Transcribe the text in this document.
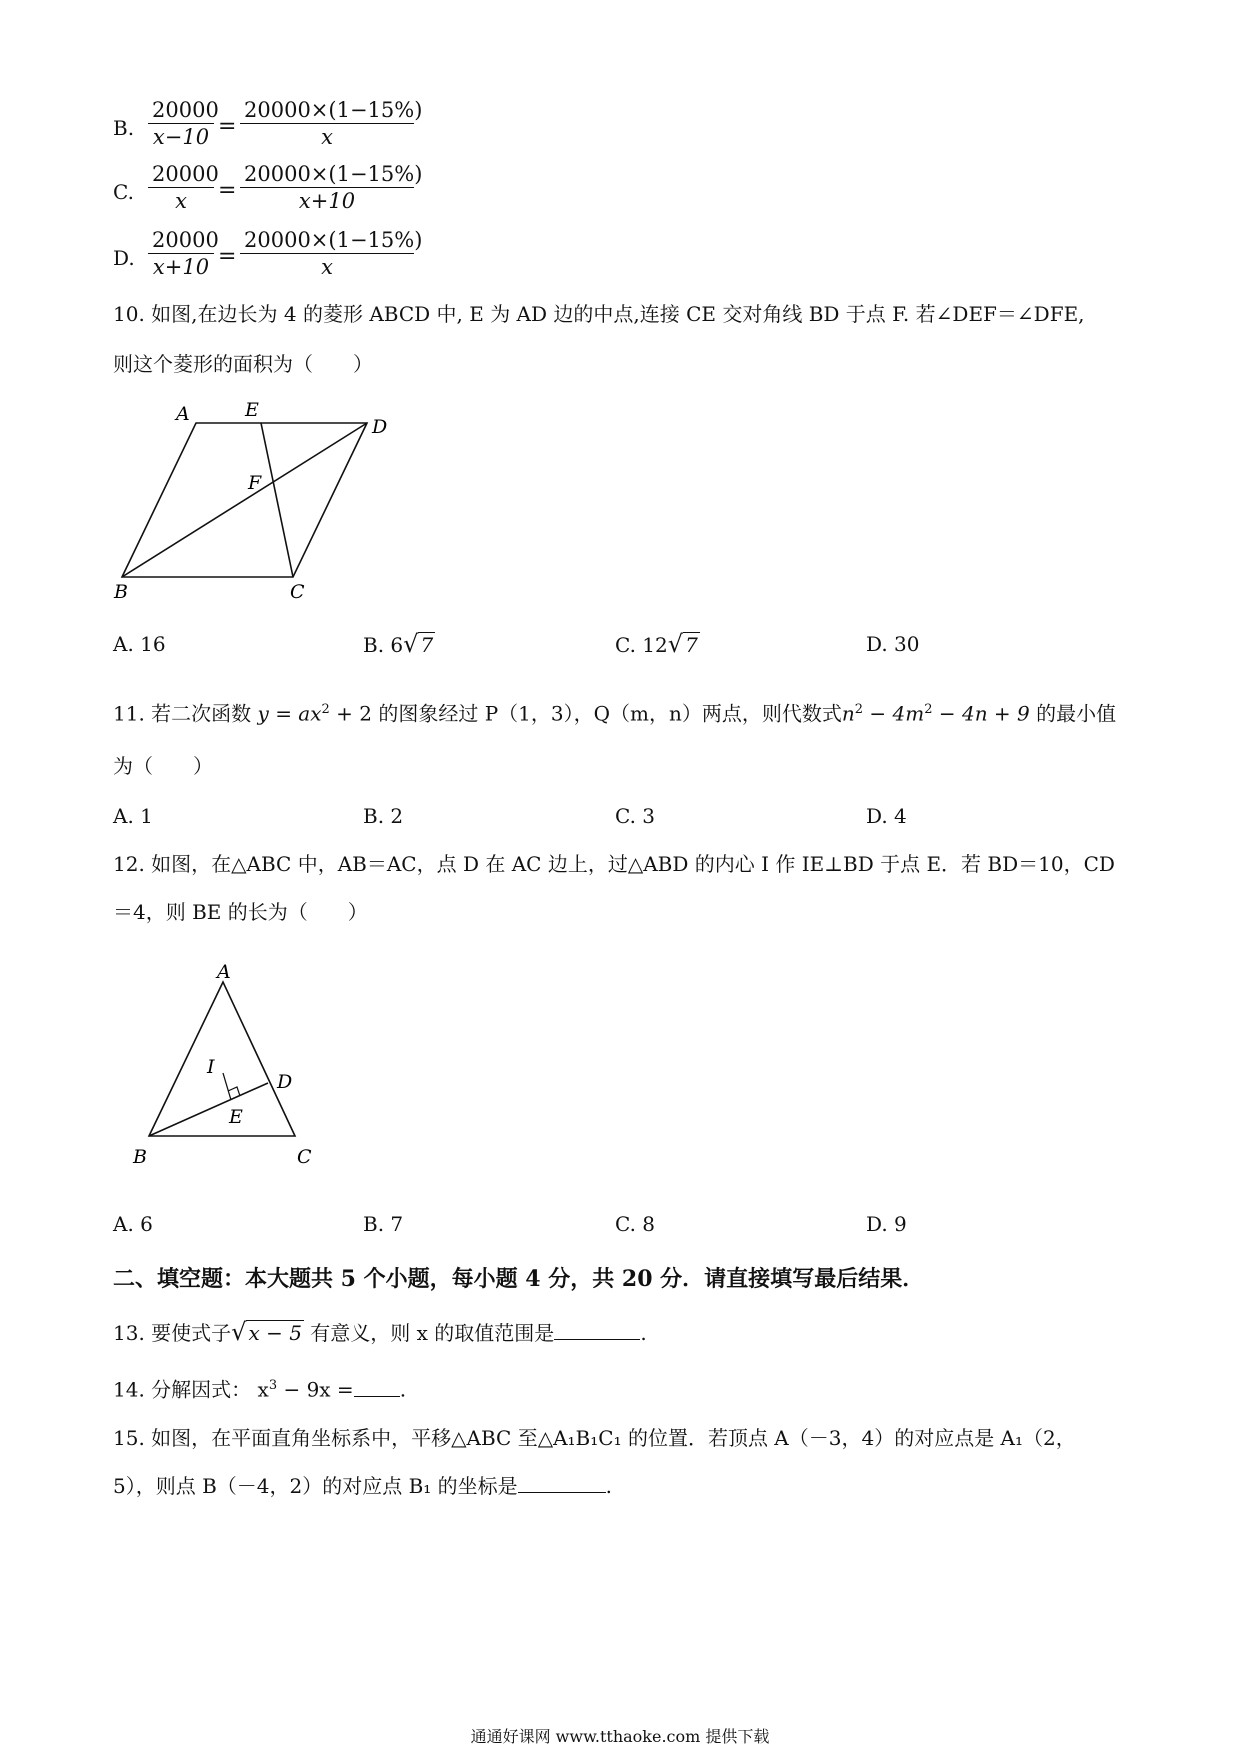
B.
20000
x−10 =
20000×(1−15%)
x
C.
20000
x	=
20000×(1−15%)
x+10
D.
20000
x+10 =
20000×(1−15%)
x
10. 如图,在边长为 4 的菱形 ABCD 中, E 为 AD 边的中点,连接 CE 交对角线 BD 于点 F. 若∠DEF＝∠DFE,
则这个菱形的面积为（　　）
A	E
D
F
B	C
A. 16	B. 6√ 7	C. 12√ 7	D. 30
11. 若二次函数 $y = ax^2 + 2$ 的图象经过 P（1，3），Q（m，n）两点，则代数式$n^2 - 4m^2 - 4n + 9$ 的最小值
为（　　）
A. 1	B. 2	C. 3	D. 4
12. 如图，在△ABC 中，AB＝AC，点 D 在 AC 边上，过△ABD 的内心 I 作 IE⊥BD 于点 E．若 BD＝10，CD
＝4，则 BE 的长为（　　）
A
I
D
E
B	C
A. 6	B. 7	C. 8	D. 9
二、填空题：本大题共 5 个小题，每小题 4 分，共 20 分．请直接填写最后结果．
13. 要使式子√ x − 5 有意义，则 x 的取值范围是	.
14. 分解因式： $x^3 - 9x$ = .
15. 如图，在平面直角坐标系中，平移△ABC 至△A₁B₁C₁ 的位置．若顶点 A（－3，4）的对应点是 A₁（2，
5），则点 B（－4，2）的对应点 B₁ 的坐标是	.
通通好课网 www.tthaoke.com 提供下载
